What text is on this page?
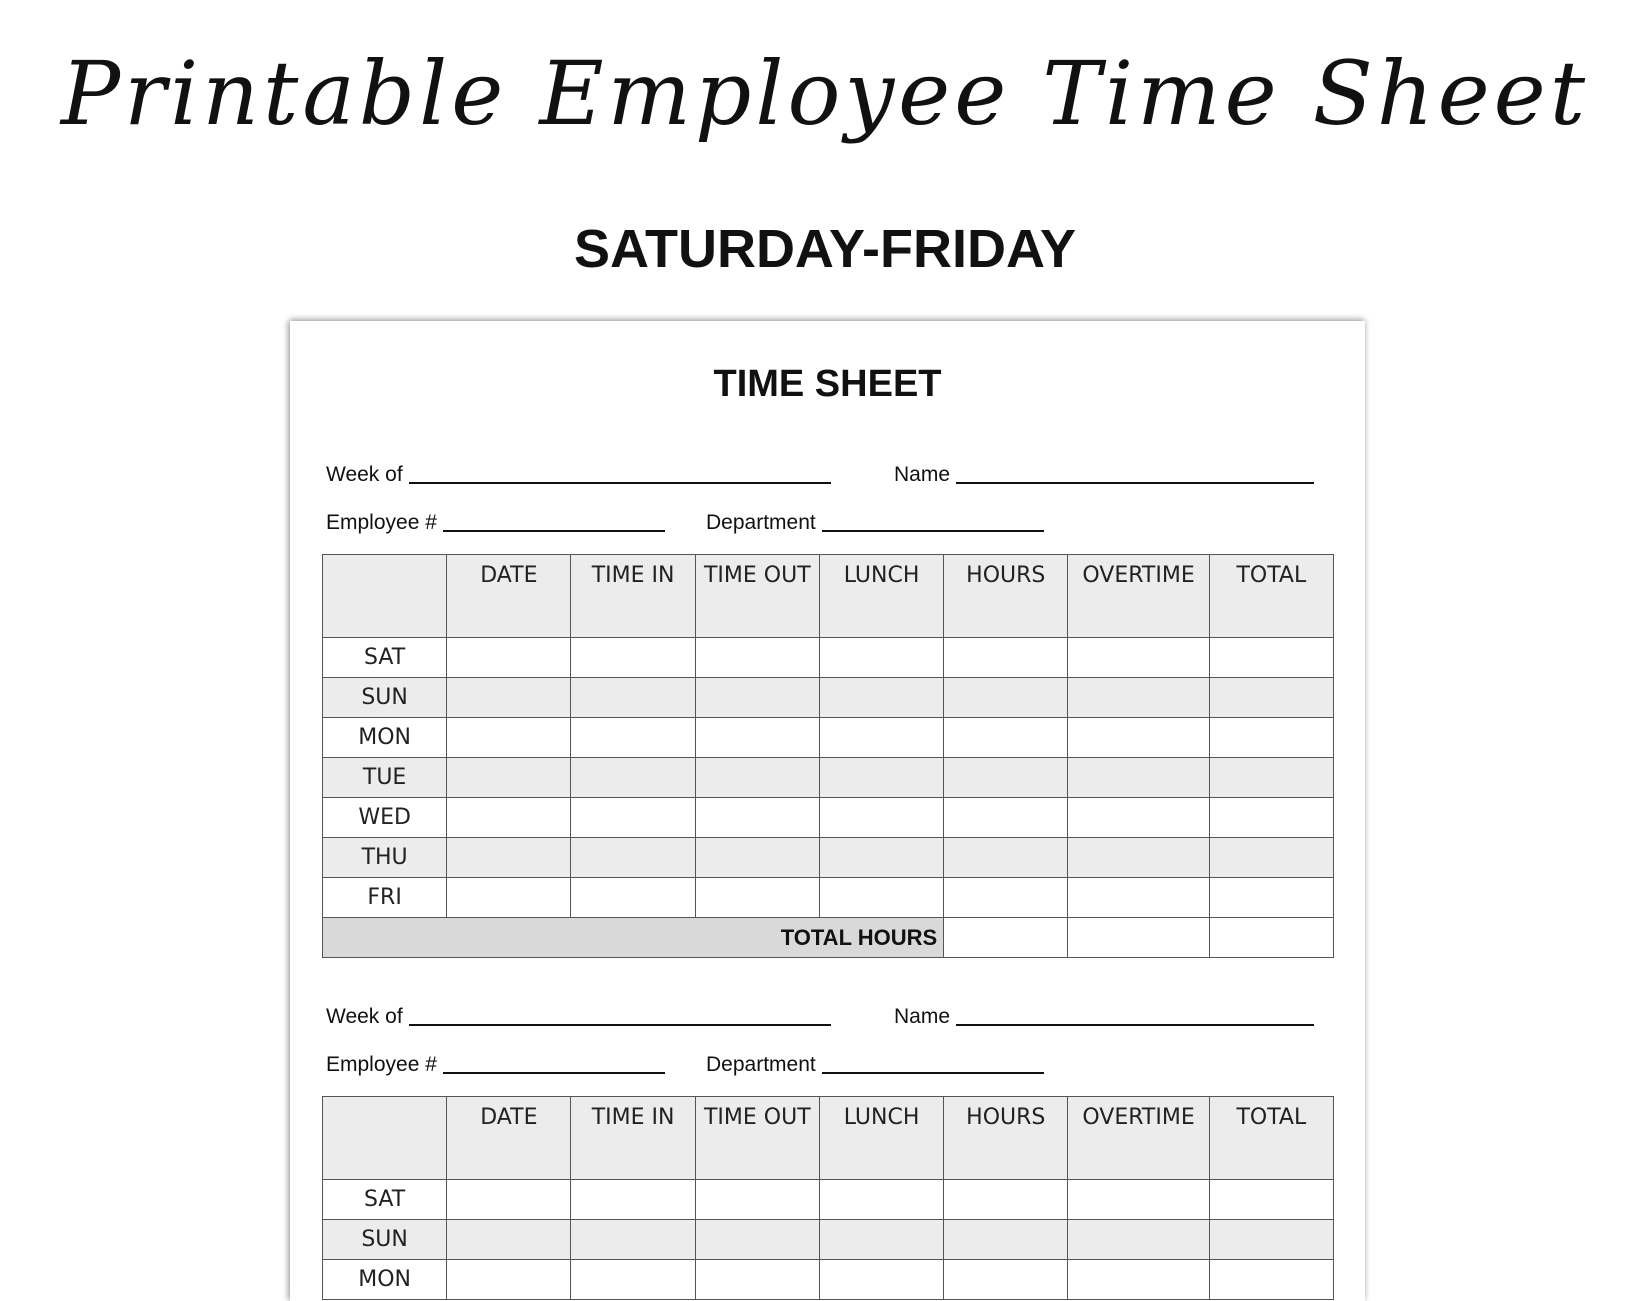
Printable Employee Time Sheet
SATURDAY-FRIDAY
TIME SHEET
Week of	Name
Employee #	Department
	DATE	TIME IN	TIME OUT	LUNCH	HOURS	OVERTIME	TOTAL
SAT							
SUN							
MON							
TUE							
WED							
THU							
FRI							
TOTAL HOURS							
Week of	Name
Employee #	Department
	DATE	TIME IN	TIME OUT	LUNCH	HOURS	OVERTIME	TOTAL
SAT							
SUN							
MON							
